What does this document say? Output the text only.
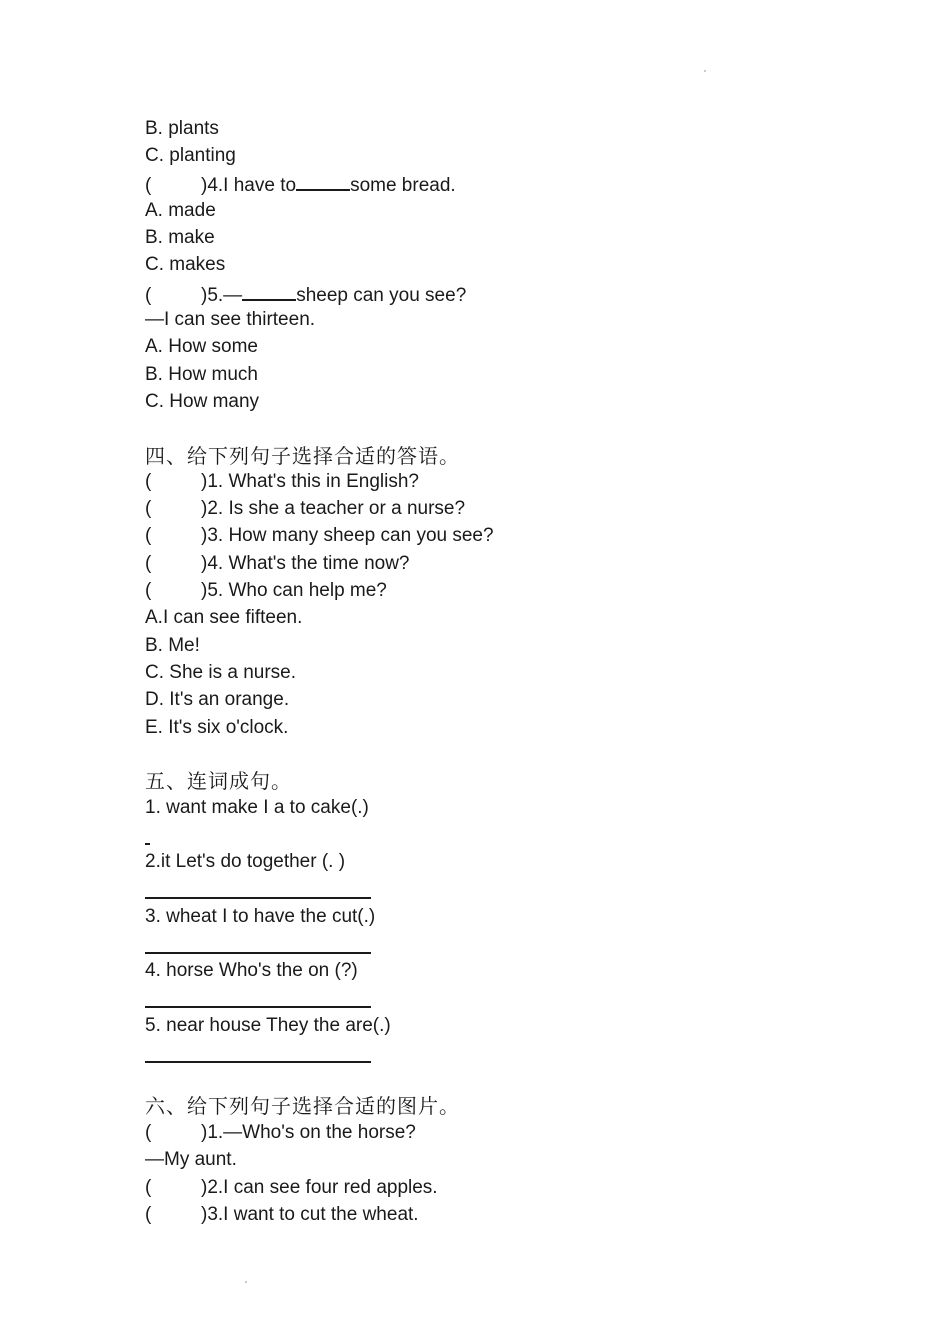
B. plants

C. planting

(	)4.I have to	some bread.

A. made

B. make

C. makes

(	)5.—	sheep can you see?

—I can see thirteen.

A. How some

B. How much

C. How many

四、给下列句子选择合适的答语。

(	)1. What's this in English?

(	)2. Is she a teacher or a nurse?

(	)3. How many sheep can you see?

(	)4. What's the time now?

(	)5. Who can help me?

A.I can see fifteen.

B. Me!

C. She is a nurse.

D. It's an orange.

E. It's six o'clock.

五、连词成句。

1. want make I a to cake(.)

2.it Let's do together (. )

3. wheat I to have the cut(.)

4. horse Who's the on (?)

5. near house They the are(.)

六、给下列句子选择合适的图片。

(	)1.—Who's on the horse?

—My aunt.

(	)2.I can see four red apples.

(	)3.I want to cut the wheat.
